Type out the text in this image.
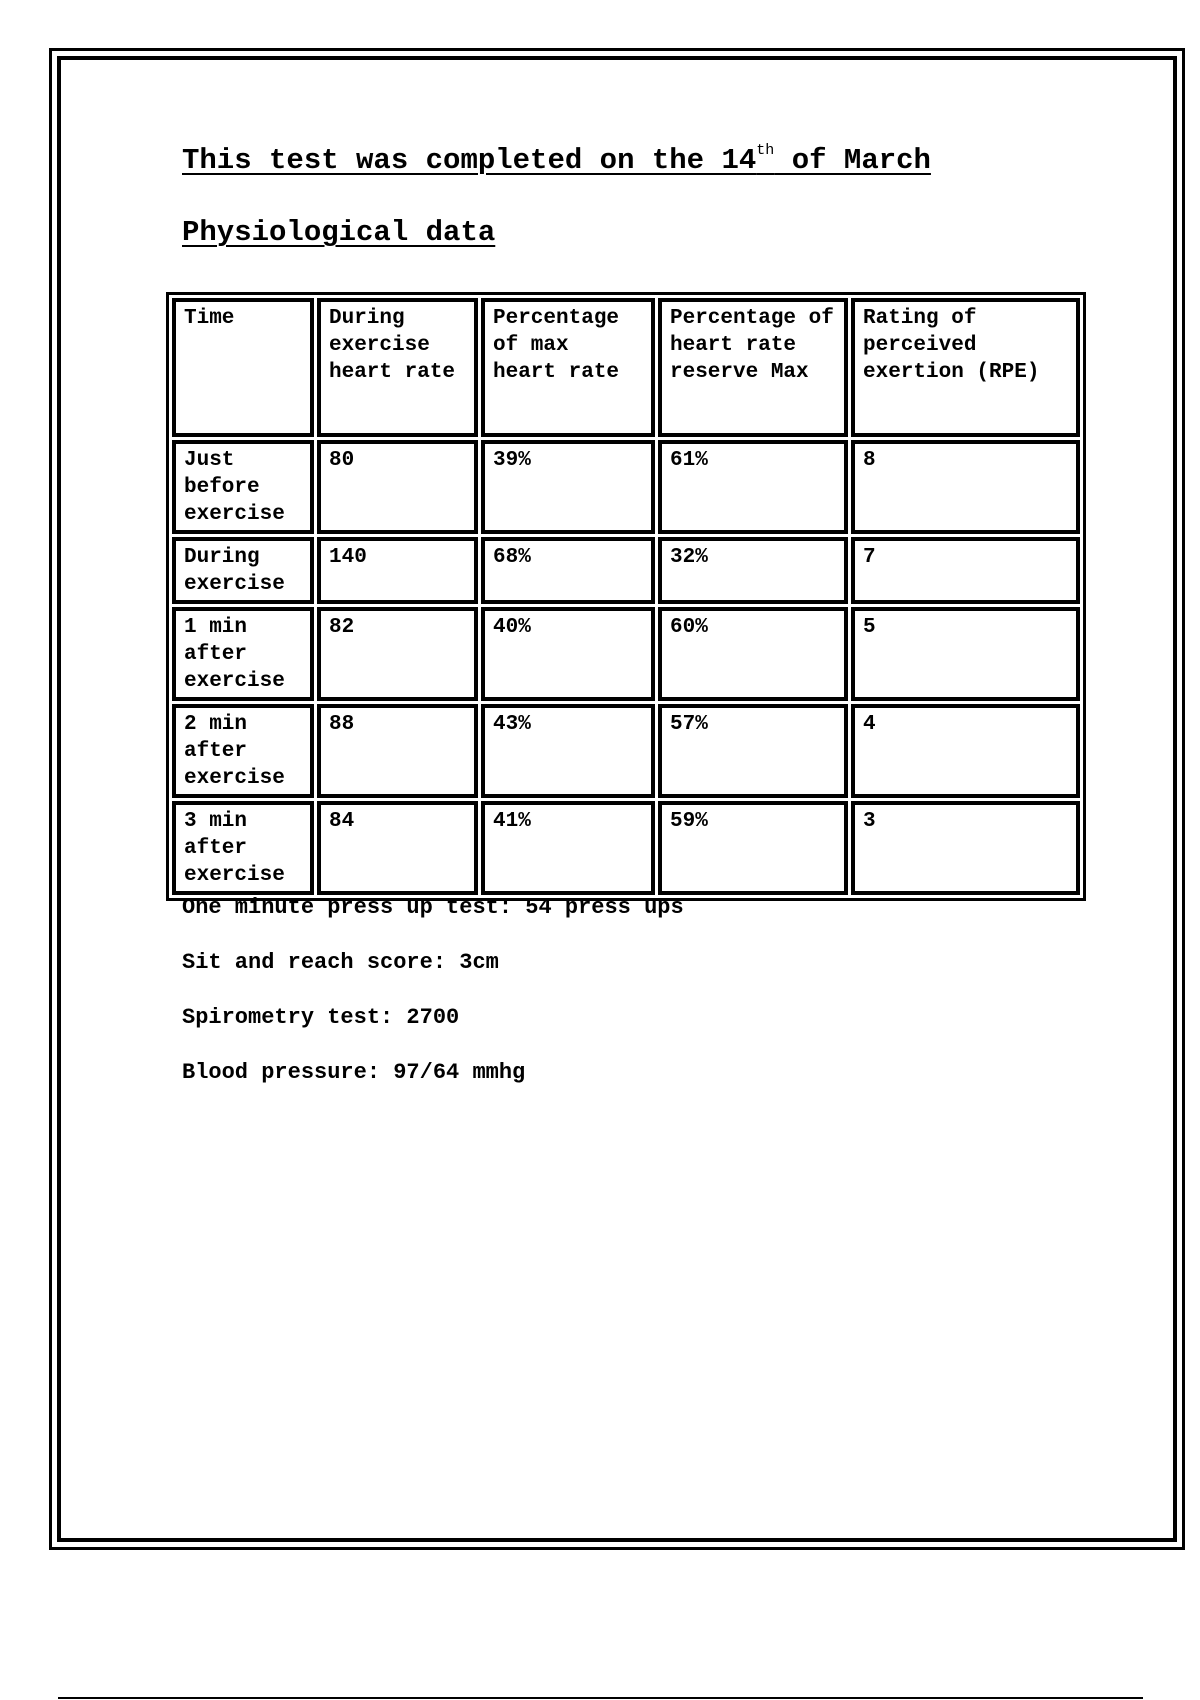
This test was completed on the 14th of March
Physiological data
Time	During exercise heart rate	Percentage of max heart rate	Percentage of heart rate reserve Max	Rating of perceived exertion (RPE)
Just before exercise	80	39%	61%	8
During exercise	140	68%	32%	7
1 min after exercise	82	40%	60%	5
2 min after exercise	88	43%	57%	4
3 min after exercise	84	41%	59%	3
One minute press up test: 54 press ups
Sit and reach score: 3cm
Spirometry test: 2700
Blood pressure: 97/64 mmhg
